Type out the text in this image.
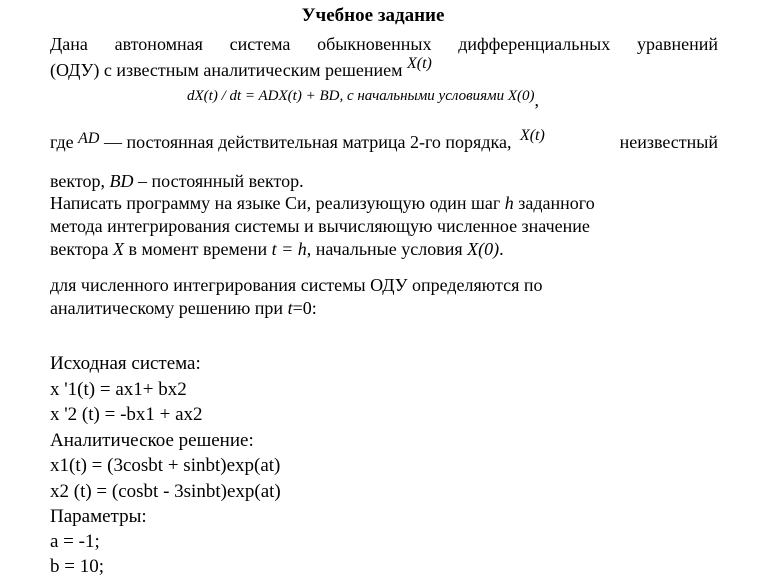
Учебное задание
Дана автономная система обыкновенных дифференциальных уравнений
(ОДУ) с известным аналитическим решением X(t)
dX(t) / dt = ADX(t) + BD, с начальными условиями X(0),
где AD — постоянная действительная матрица 2-го порядка, X(t)	неизвестный
вектор, BD – постоянный вектор.
Написать программу на языке Си, реализующую один шаг h заданного
метода интегрирования системы и вычисляющую численное значение
вектора X в момент времени t = h, начальные условия X(0).
для численного интегрирования системы ОДУ определяются по
аналитическому решению при t=0:
Исходная система:
x '1(t) = ax1+ bx2
x '2 (t) = -bx1 + ax2
Аналитическое решение:
x1(t) = (3cosbt + sinbt)exp(at)
x2 (t) = (cosbt - 3sinbt)exp(at)
Параметры:
a = -1;
b = 10;
